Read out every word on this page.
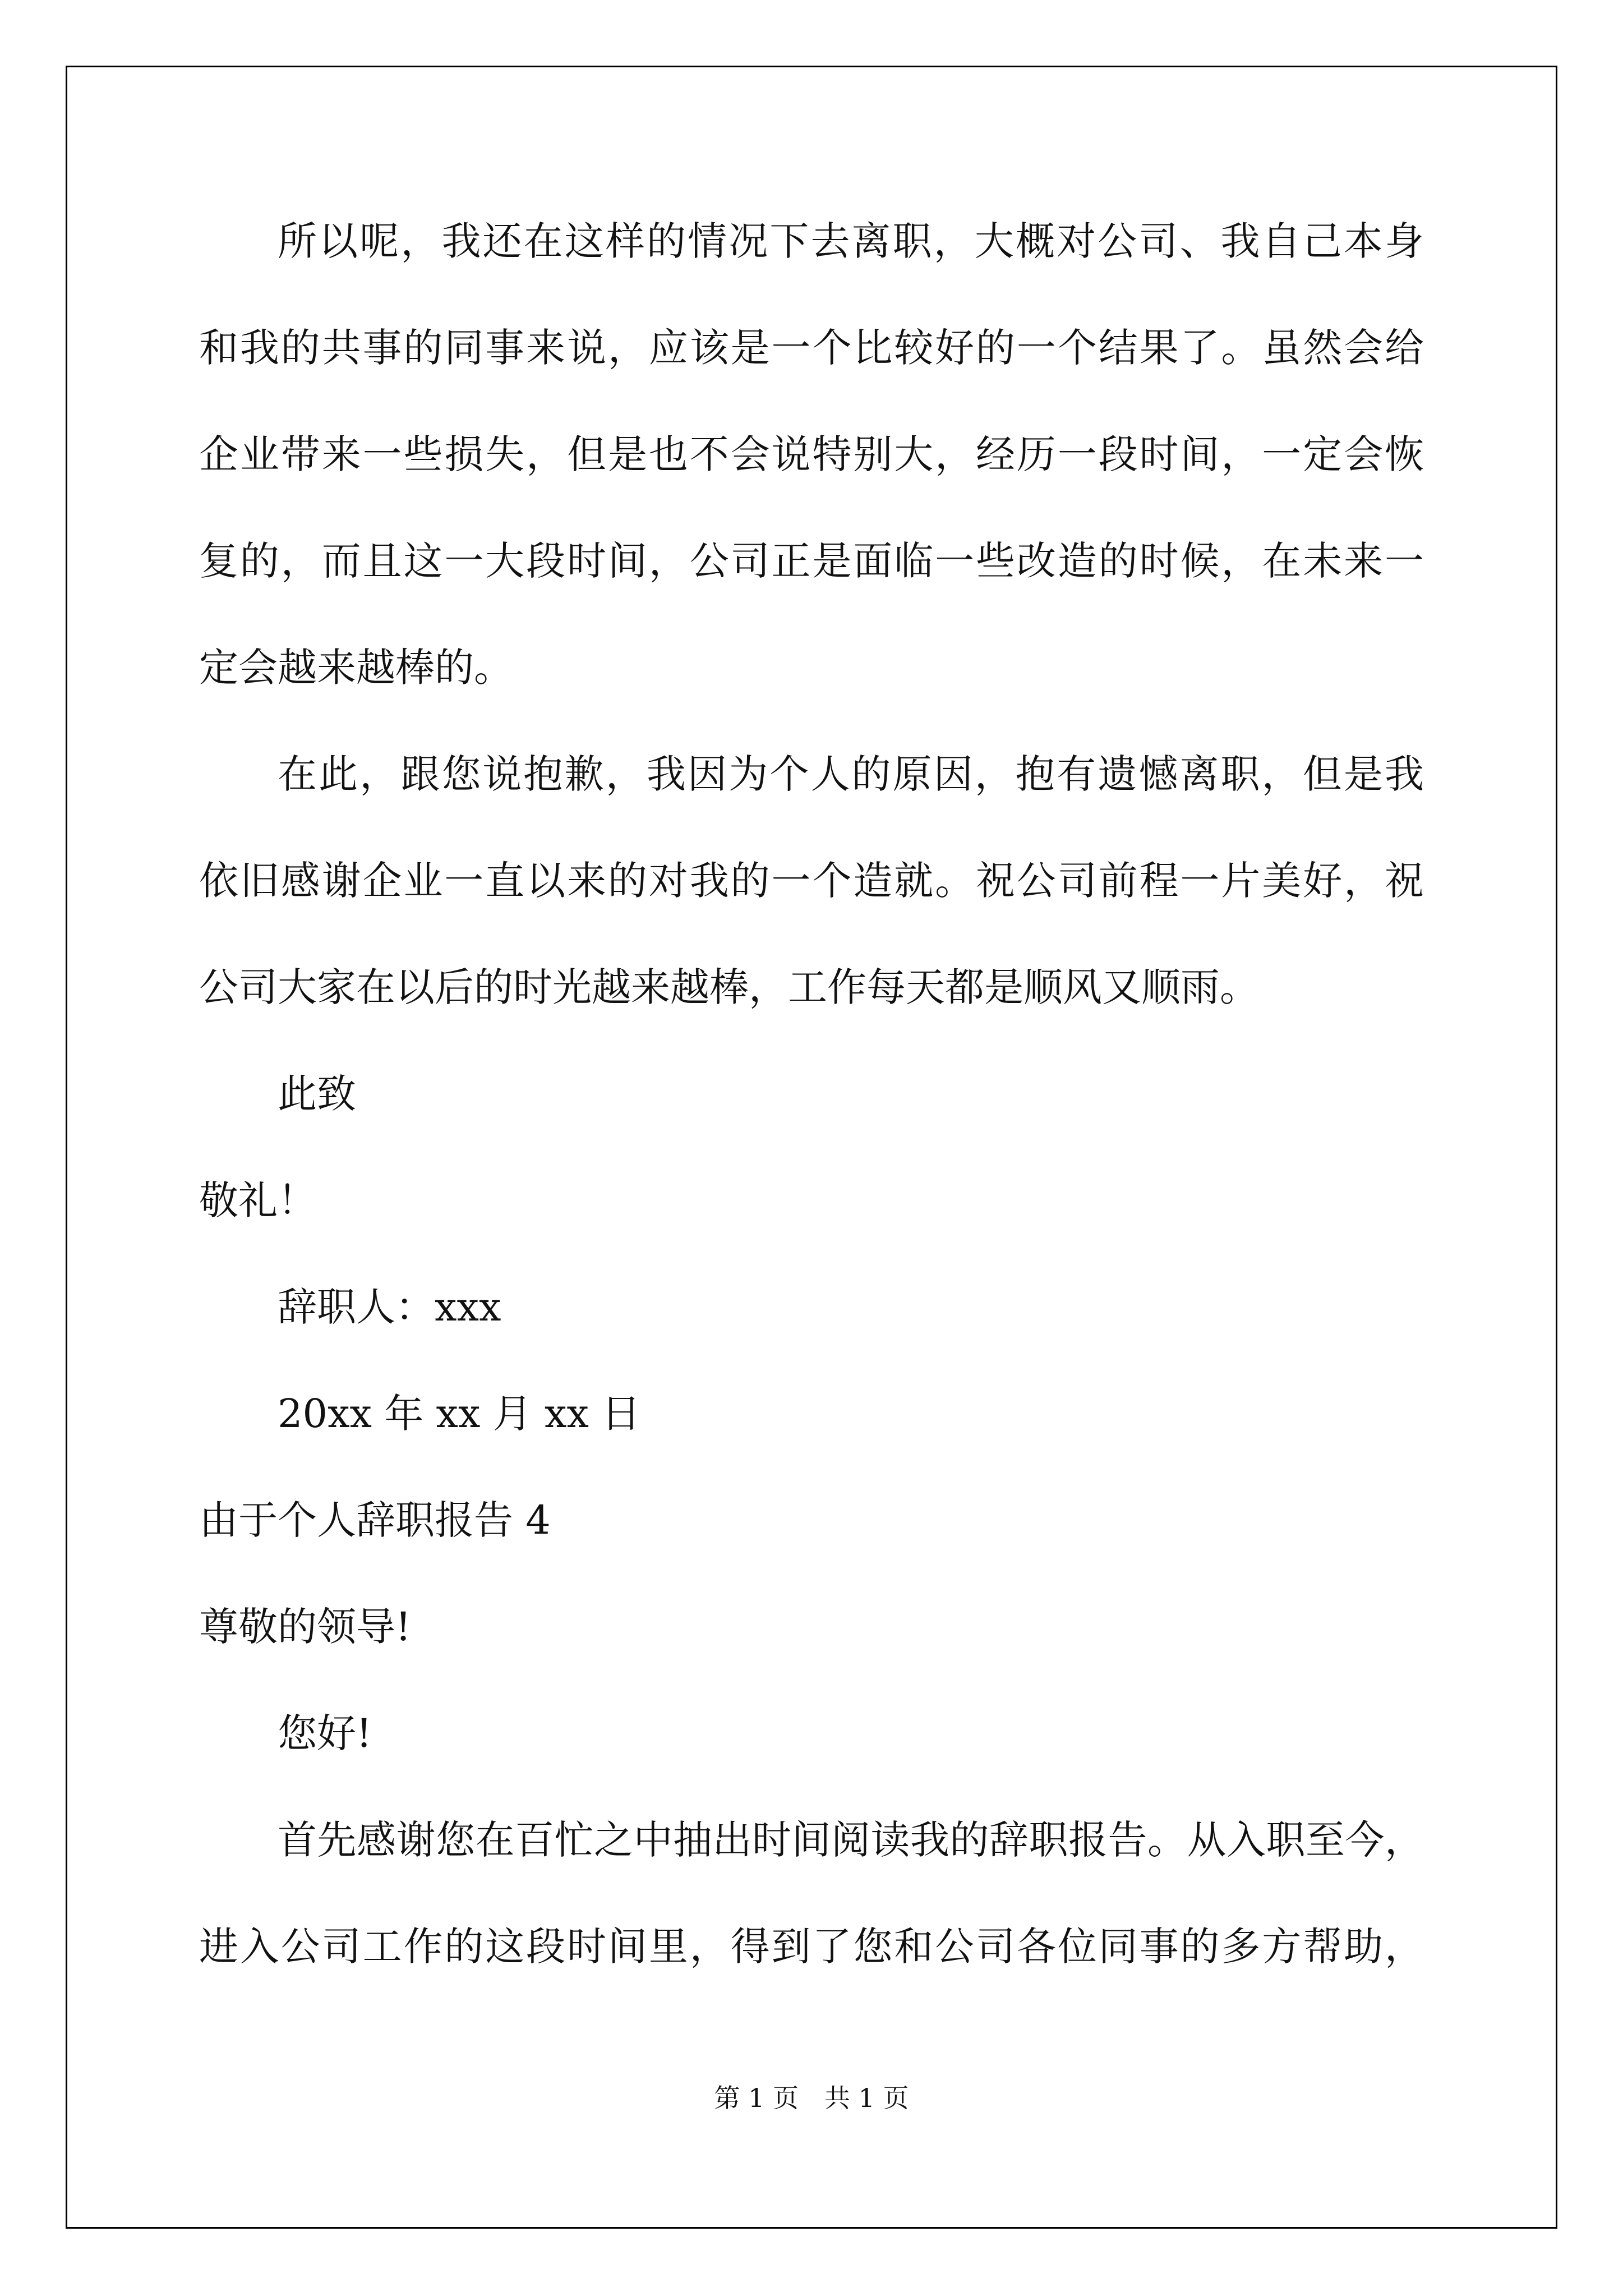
所以呢，我还在这样的情况下去离职，大概对公司、我自己本身
和我的共事的同事来说，应该是一个比较好的一个结果了。虽然会给
企业带来一些损失，但是也不会说特别大，经历一段时间，一定会恢
复的，而且这一大段时间，公司正是面临一些改造的时候，在未来一
定会越来越棒的。
在此，跟您说抱歉，我因为个人的原因，抱有遗憾离职，但是我
依旧感谢企业一直以来的对我的一个造就。祝公司前程一片美好，祝
公司大家在以后的时光越来越棒，工作每天都是顺风又顺雨。
此致
敬礼！
辞职人：xxx
20xx 年 xx 月 xx 日
由于个人辞职报告 4
尊敬的领导!
您好!
首先感谢您在百忙之中抽出时间阅读我的辞职报告。从入职至今，
进入公司工作的这段时间里，得到了您和公司各位同事的多方帮助，
第 1 页　共 1 页
